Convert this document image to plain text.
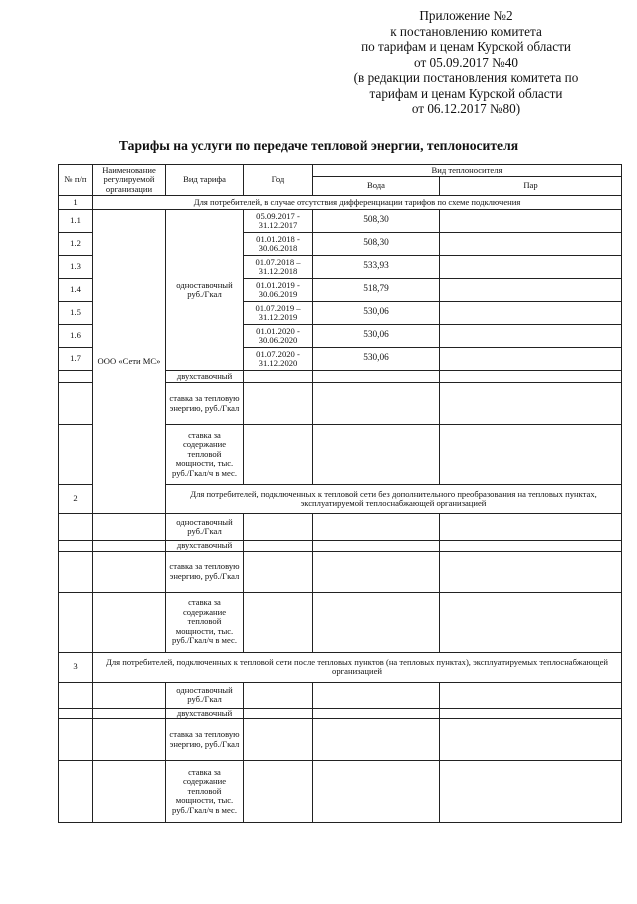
Приложение №2
к постановлению комитета
по тарифам и ценам Курской области
от 05.09.2017 №40
(в редакции постановления комитета по
тарифам и ценам Курской области
от 06.12.2017 №80)
Тарифы на услуги по передаче тепловой энергии, теплоносителя
№ п/п	Наименование регулируемой организации	Вид тарифа	Год	Вид теплоносителя	
				Вода	Пар
1	Для потребителей, в случае отсутствия дифференциации тарифов по схеме подключения				
1.1	ООО «Сети МС»	одноставочный руб./Гкал	05.09.2017 - 31.12.2017	508,30	
1.2			01.01.2018 - 30.06.2018	508,30	
1.3			01.07.2018 – 31.12.2018	533,93	
1.4			01.01.2019 - 30.06.2019	518,79	
1.5			01.07.2019 – 31.12.2019	530,06	
1.6			01.01.2020 - 30.06.2020	530,06	
1.7			01.07.2020 - 31.12.2020	530,06	
		двухставочный			
		ставка за тепловую энергию, руб./Гкал			
		ставка за содержание тепловой мощности, тыс. руб./Гкал/ч в мес.			
2		Для потребителей, подключенных к тепловой сети без дополнительного преобразования на тепловых пунктах, эксплуатируемой теплоснабжающей организацией			
		одноставочный руб./Гкал			
		двухставочный			
		ставка за тепловую энергию, руб./Гкал			
		ставка за содержание тепловой мощности, тыс. руб./Гкал/ч в мес.			
3	Для потребителей, подключенных к тепловой сети после тепловых пунктов (на тепловых пунктах), эксплуатируемых теплоснабжающей организацией				
		одноставочный руб./Гкал			
		двухставочный			
		ставка за тепловую энергию, руб./Гкал			
		ставка за содержание тепловой мощности, тыс. руб./Гкал/ч в мес.			
